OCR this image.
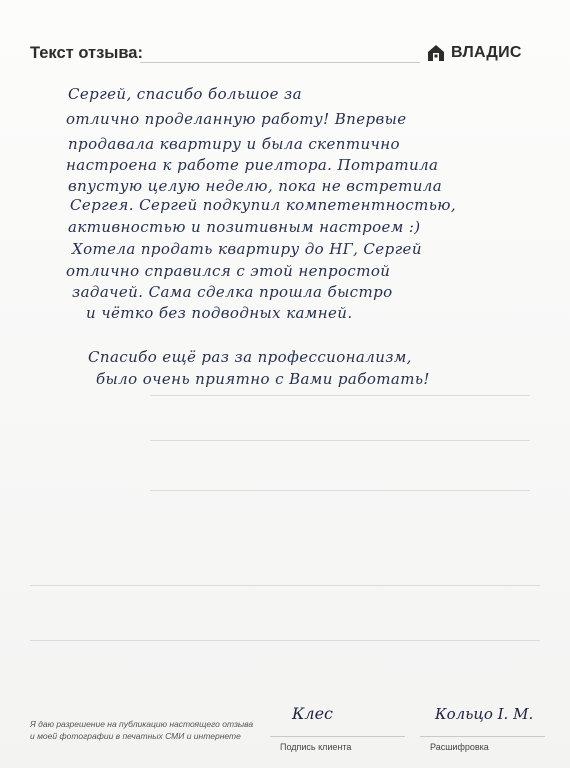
Текст отзыва:	ВЛАДИС
Сергей, спасибо большое за
отлично проделанную работу! Впервые
продавала квартиру и была скептично
настроена к работе риелтора. Потратила
впустую целую неделю, пока не встретила
Сергея. Сергей подкупил компетентностью,
активностью и позитивным настроем :)
Хотела продать квартиру до НГ, Сергей
отлично справился с этой непростой
задачей. Сама сделка прошла быстро
и чётко без подводных камней.
Спасибо ещё раз за профессионализм,
было очень приятно с Вами работать!
Я даю разрешение на публикацию настоящего отзыва и моей фотографии в печатных СМИ и интернете
Клес
Подпись клиента
Кольцо І. М.
Расшифровка
